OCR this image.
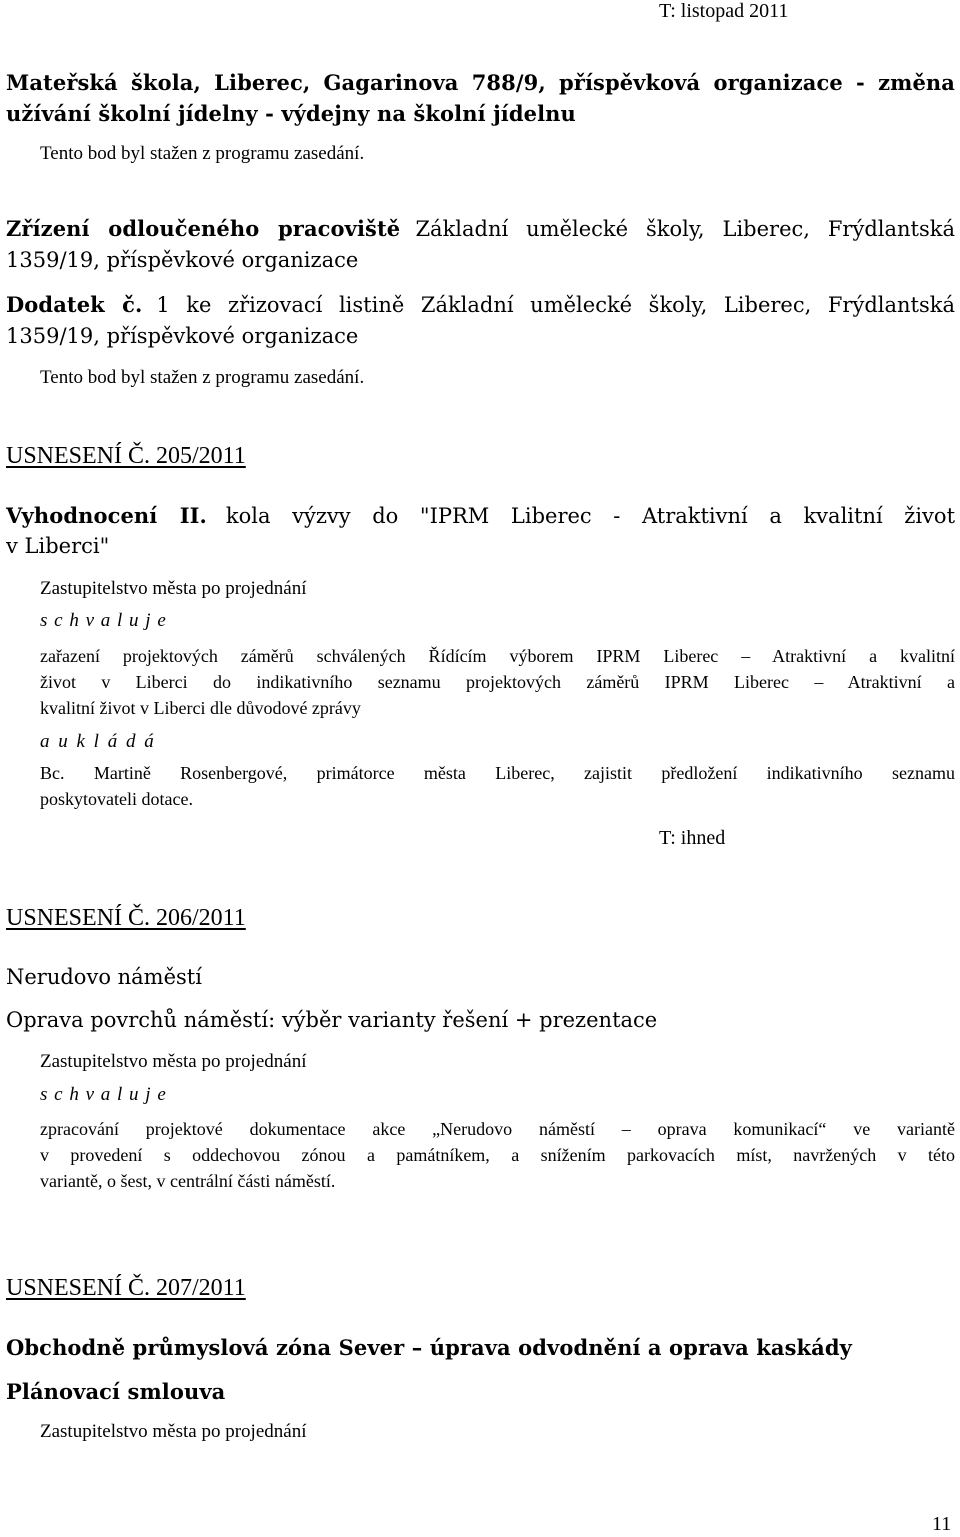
T: listopad 2011
Mateřská škola, Liberec, Gagarinova 788/9, příspěvková organizace - změna
užívání školní jídelny - výdejny na školní jídelnu
Tento bod byl stažen z programu zasedání.
Zřízení odloučeného pracoviště Základní umělecké školy, Liberec, Frýdlantská
1359/19, příspěvkové organizace
Dodatek č. 1 ke zřizovací listině Základní umělecké školy, Liberec, Frýdlantská
1359/19, příspěvkové organizace
Tento bod byl stažen z programu zasedání.
USNESENÍ Č. 205/2011
Vyhodnocení II. kola výzvy do "IPRM Liberec - Atraktivní a kvalitní život
v Liberci"
Zastupitelstvo města po projednání
s c h v a l u j e
zařazení projektových záměrů schválených Řídícím výborem IPRM Liberec – Atraktivní a kvalitní
život v Liberci do indikativního seznamu projektových záměrů IPRM Liberec – Atraktivní a
kvalitní život v Liberci dle důvodové zprávy
a u k l á d á
Bc. Martině Rosenbergové, primátorce města Liberec, zajistit předložení indikativního seznamu
poskytovateli dotace.
T: ihned
USNESENÍ Č. 206/2011
Nerudovo náměstí
Oprava povrchů náměstí: výběr varianty řešení + prezentace
Zastupitelstvo města po projednání
s c h v a l u j e
zpracování projektové dokumentace akce „Nerudovo náměstí – oprava komunikací“ ve variantě
v provedení s oddechovou zónou a památníkem, a snížením parkovacích míst, navržených v této
variantě, o šest, v centrální části náměstí.
USNESENÍ Č. 207/2011
Obchodně průmyslová zóna Sever – úprava odvodnění a oprava kaskády
Plánovací smlouva
Zastupitelstvo města po projednání
11
